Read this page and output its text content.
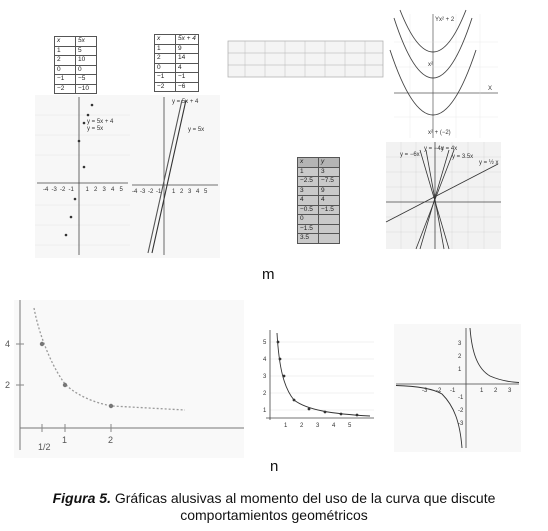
x	5x
1	5
2	10
0	0
−1	−5
−2	−10
x	5x + 4
1	9
2	14
0	4
−1	−1
−2	−6
-4 -3 -2 -1 1 2 3 4 5
y = 5x + 4
y = 5x
-4 -3 -2 -1 1 2 3 4 5
y = 5x + 4
y = 5x
Y
X
x² + 2
x²
x² + (−2)
x	y
1	3
−2.5	−7.5
3	9
4	4
−0.5	−1.5
0	
−1.5	
3.5	
y = −6x
y = −4x
y = 4x
y = 3.5x
y = ½ x
m
4
2
1/2
1	2
5
4
3
2
1
1 2 3 4 5
3
2
1
-1
-2
-3
-3 -2 -1	1 2 3
n
Figura 5. Gráficas alusivas al momento del uso de la curva que discute
comportamientos geométricos
